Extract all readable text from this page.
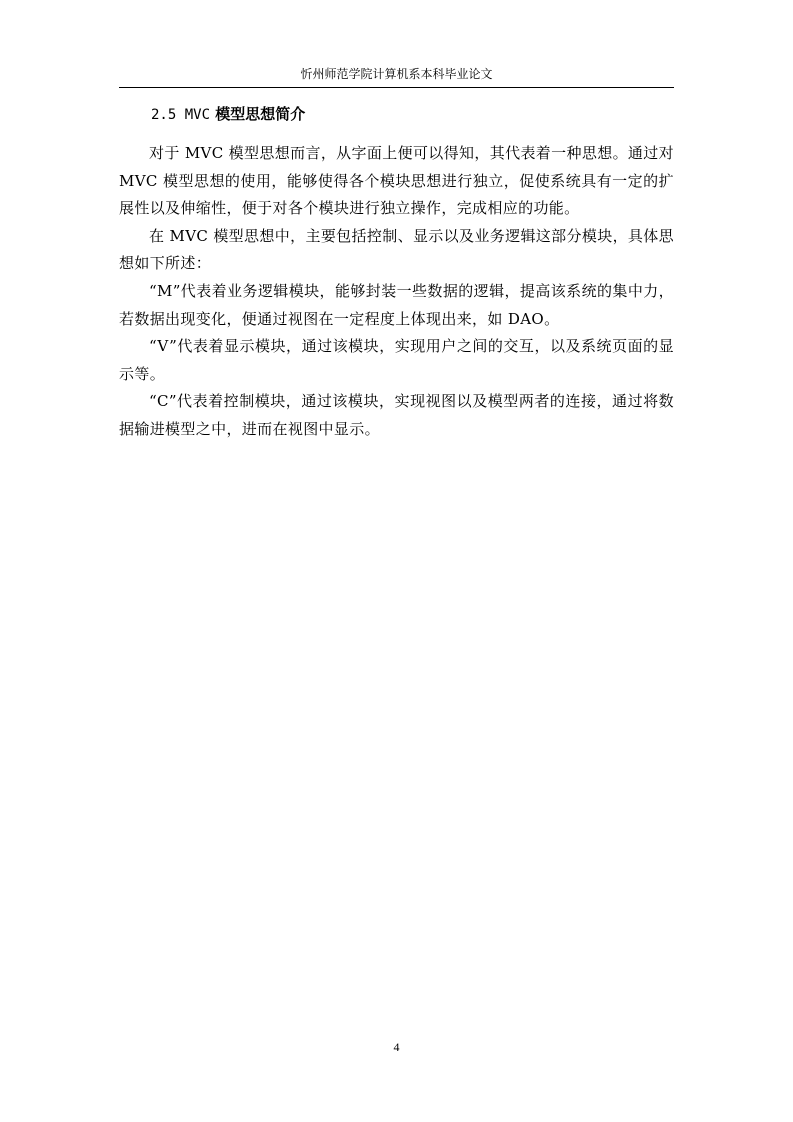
忻州师范学院计算机系本科毕业论文
2.5 MVC 模型思想简介

对于 MVC 模型思想而言，从字面上便可以得知，其代表着一种思想。通过对 MVC 模型思想的使用，能够使得各个模块思想进行独立，促使系统具有一定的扩展性以及伸缩性，便于对各个模块进行独立操作，完成相应的功能。

在 MVC 模型思想中，主要包括控制、显示以及业务逻辑这部分模块，具体思想如下所述：

“M”代表着业务逻辑模块，能够封装一些数据的逻辑，提高该系统的集中力，若数据出现变化，便通过视图在一定程度上体现出来，如 DAO。

“V”代表着显示模块，通过该模块，实现用户之间的交互，以及系统页面的显示等。

“C”代表着控制模块，通过该模块，实现视图以及模型两者的连接，通过将数据输进模型之中，进而在视图中显示。

4
